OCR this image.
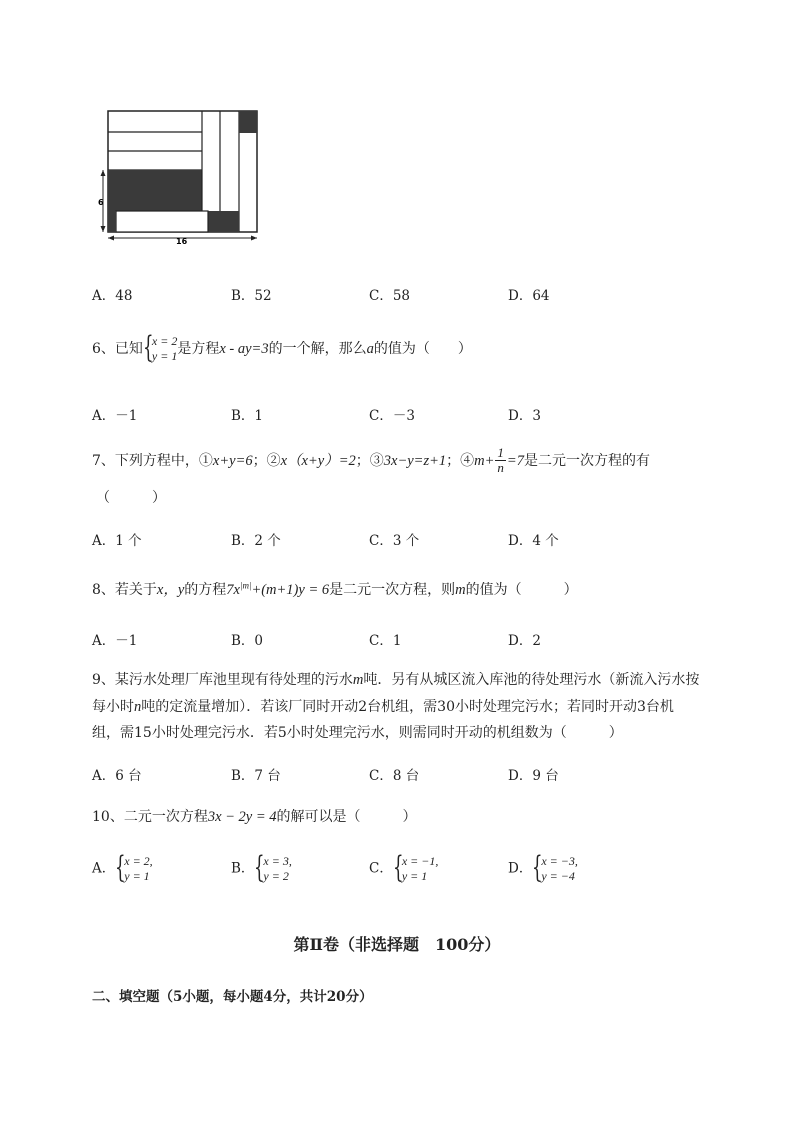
6
16
A．48	B．52	C．58	D．64
6、已知 {
x = 2
y = 1 是方程x - ay=3的一个解，那么a的值为（　　）
A．－1	B．1	C．－3	D．3
7、下列方程中，①x+y=6；②x（x+y）=2；③3x−y=z+1；④m+ $\frac{1}{n} =7$是二元一次方程的有
（　　　）
A．1 个	B．2 个	C．3 个	D．4 个
8、若关于x，y的方程$7x^{|m|}+(m+1)y = 6$是二元一次方程，则m的值为（　　　）
A．－1	B．0	C．1	D．2
9、某污水处理厂库池里现有待处理的污水m吨．另有从城区流入库池的待处理污水（新流入污水按
每小时n吨的定流量增加）．若该厂同时开动2台机组，需30小时处理完污水；若同时开动3台机
组，需15小时处理完污水．若5小时处理完污水，则需同时开动的机组数为（　　　）
A．6 台	B．7 台	C．8 台	D．9 台
10、二元一次方程3x − 2y = 4的解可以是（　　　）
A． {
x = 2,
y = 1	B． {
x = 3,
y = 2	C． {
x = −1,
y = 1	D． {
x = −3,
y = −4
第Ⅱ卷（非选择题　100分）
二、填空题（5小题，每小题4分，共计20分）
